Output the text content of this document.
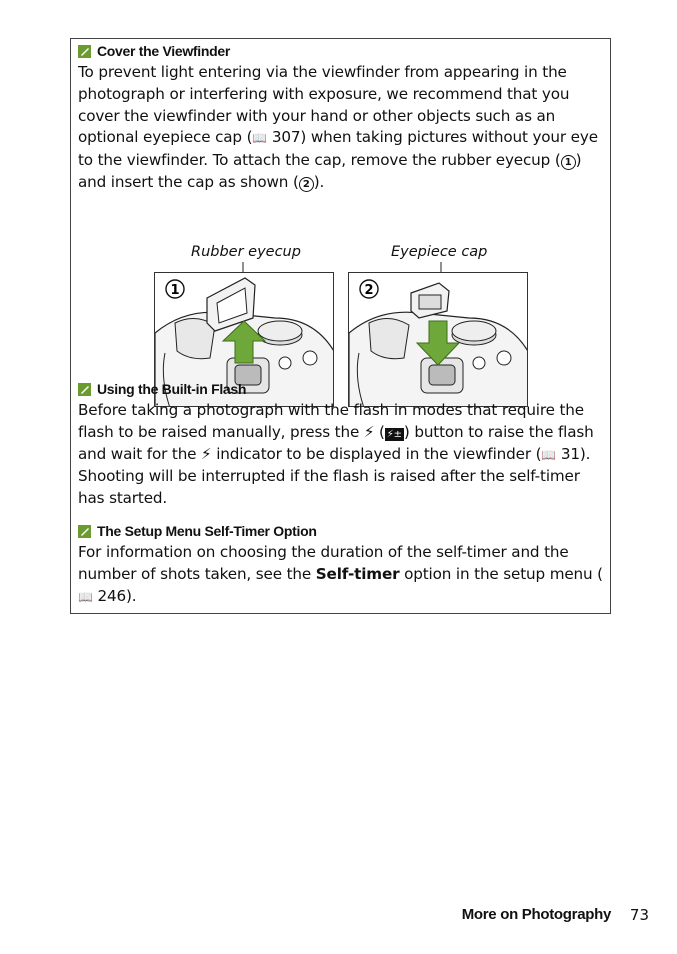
Cover the Viewfinder

To prevent light entering via the viewfinder from appearing in the photograph or interfering with exposure, we recommend that you cover the viewfinder with your hand or other objects such as an optional eyepiece cap (📖 307) when taking pictures without your eye to the viewfinder. To attach the cap, remove the rubber eyecup ( 1 ) and insert the cap as shown ( 2 ).

Rubber eyecup	Eyepiece cap
1	2
Using the Built-in Flash

Before taking a photograph with the flash in modes that require the flash to be raised manually, press the ⚡︎ ( ⚡︎± ) button to raise the flash and wait for the ⚡︎ indicator to be displayed in the viewfinder (📖 31). Shooting will be interrupted if the flash is raised after the self-timer has started.

The Setup Menu Self-Timer Option

For information on choosing the duration of the self-timer and the number of shots taken, see the Self-timer option in the setup menu (📖 246).

More on Photography 73
